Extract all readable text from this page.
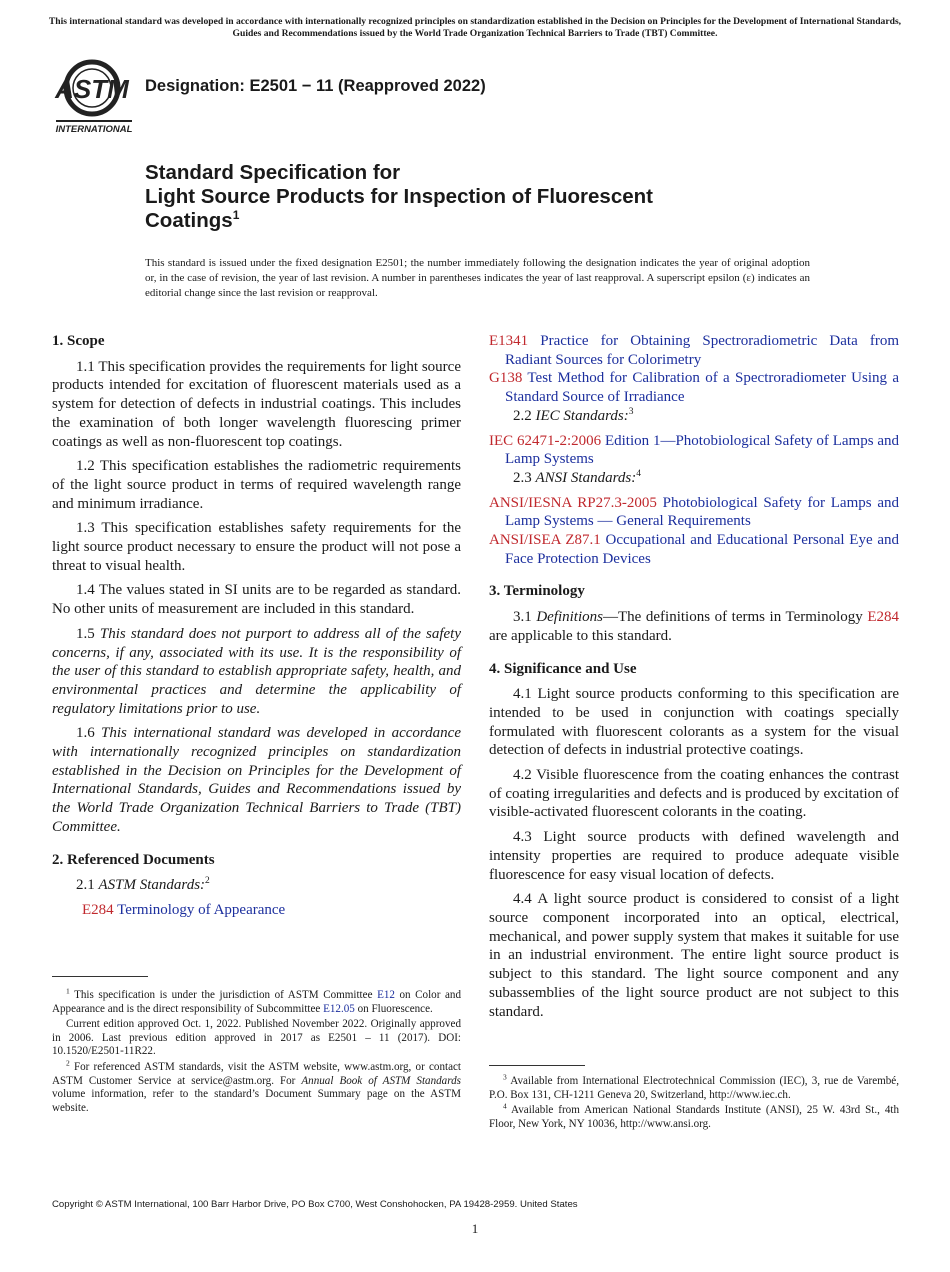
This international standard was developed in accordance with internationally recognized principles on standardization established in the Decision on Principles for the Development of International Standards, Guides and Recommendations issued by the World Trade Organization Technical Barriers to Trade (TBT) Committee.
ASTM
INTERNATIONAL
Designation: E2501 − 11 (Reapproved 2022)
Standard Specification for
Light Source Products for Inspection of Fluorescent
Coatings$^1$
This standard is issued under the fixed designation E2501; the number immediately following the designation indicates the year of original adoption or, in the case of revision, the year of last revision. A number in parentheses indicates the year of last reapproval. A superscript epsilon (ε) indicates an editorial change since the last revision or reapproval.
1. Scope

1.1 This specification provides the requirements for light source products intended for excitation of fluorescent materials used as a system for detection of defects in industrial coatings. This includes the examination of both longer wavelength fluorescing primer coatings as well as non-fluorescent top coatings.

1.2 This specification establishes the radiometric requirements of the light source product in terms of required wavelength range and minimum irradiance.

1.3 This specification establishes safety requirements for the light source product necessary to ensure the product will not pose a threat to visual health.

1.4 The values stated in SI units are to be regarded as standard. No other units of measurement are included in this standard.

1.5 This standard does not purport to address all of the safety concerns, if any, associated with its use. It is the responsibility of the user of this standard to establish appropriate safety, health, and environmental practices and determine the applicability of regulatory limitations prior to use.

1.6 This international standard was developed in accordance with internationally recognized principles on standardization established in the Decision on Principles for the Development of International Standards, Guides and Recommendations issued by the World Trade Organization Technical Barriers to Trade (TBT) Committee.

2. Referenced Documents

2.1 ASTM Standards:$^2$

E284 Terminology of Appearance

$^1$ This specification is under the jurisdiction of ASTM Committee E12 on Color and Appearance and is the direct responsibility of Subcommittee E12.05 on Fluorescence.

Current edition approved Oct. 1, 2022. Published November 2022. Originally approved in 2006. Last previous edition approved in 2017 as E2501 – 11 (2017). DOI: 10.1520/E2501-11R22.

$^2$ For referenced ASTM standards, visit the ASTM website, www.astm.org, or contact ASTM Customer Service at service@astm.org. For Annual Book of ASTM Standards volume information, refer to the standard’s Document Summary page on the ASTM website.

E1341 Practice for Obtaining Spectroradiometric Data from Radiant Sources for Colorimetry
G138 Test Method for Calibration of a Spectroradiometer Using a Standard Source of Irradiance

2.2 IEC Standards:$^3$

IEC 62471-2:2006 Edition 1—Photobiological Safety of Lamps and Lamp Systems

2.3 ANSI Standards:$^4$

ANSI/IESNA RP27.3-2005 Photobiological Safety for Lamps and Lamp Systems — General Requirements
ANSI/ISEA Z87.1 Occupational and Educational Personal Eye and Face Protection Devices
3. Terminology

3.1 Definitions—The definitions of terms in Terminology E284 are applicable to this standard.

4. Significance and Use

4.1 Light source products conforming to this specification are intended to be used in conjunction with coatings specially formulated with fluorescent colorants as a system for the visual detection of defects in industrial protective coatings.

4.2 Visible fluorescence from the coating enhances the contrast of coating irregularities and defects and is produced by excitation of visible-activated fluorescent colorants in the coating.

4.3 Light source products with defined wavelength and intensity properties are required to produce adequate visible fluorescence for easy visual location of defects.

4.4 A light source product is considered to consist of a light source component incorporated into an optical, electrical, mechanical, and power supply system that makes it suitable for use in an industrial environment. The entire light source product is subject to this standard. The light source component and any subassemblies of the light source product are not subject to this standard.

$^3$ Available from International Electrotechnical Commission (IEC), 3, rue de Varembé, P.O. Box 131, CH-1211 Geneva 20, Switzerland, http://www.iec.ch.

$^4$ Available from American National Standards Institute (ANSI), 25 W. 43rd St., 4th Floor, New York, NY 10036, http://www.ansi.org.

Copyright © ASTM International, 100 Barr Harbor Drive, PO Box C700, West Conshohocken, PA 19428-2959. United States
1
